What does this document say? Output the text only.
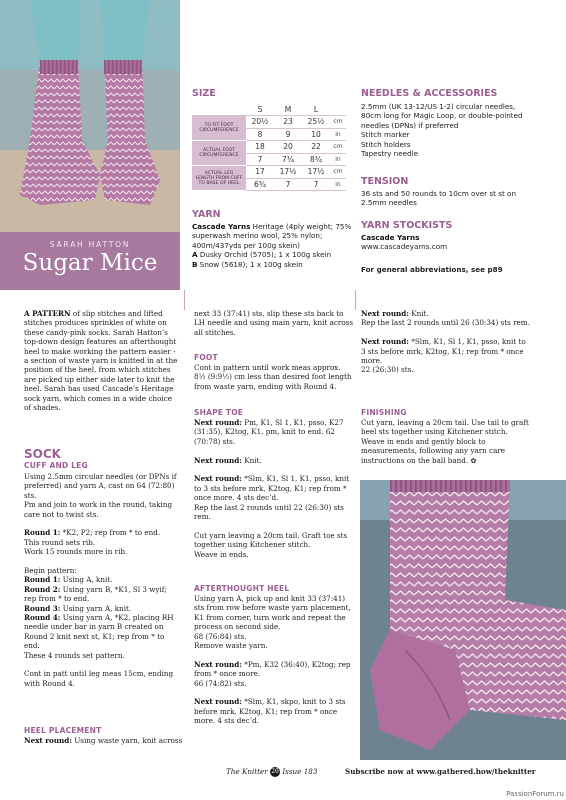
SARAH HATTON
Sugar Mice
SIZE
	S	M	L	
TO FIT FOOT CIRCUMFERENCE	20½	23	25½	cm
	8	9	10	in
ACTUAL FOOT CIRCUMFERENCE	18	20	22	cm
	7	7¾	8¾	in
ACTUAL LEG LENGTH FROM CUFF TO BASE OF HEEL	17	17½	17½	cm
	6¾	7	7	in
YARN
Cascade Yarns Heritage (4ply weight; 75% superwash merino wool, 25% nylon; 400m/437yds per 100g skein)
A Dusky Orchid (5705); 1 x 100g skein
B Snow (5618); 1 x 100g skein
NEEDLES & ACCESSORIES
2.5mm (UK 13-12/US 1-2) circular needles, 80cm long for Magic Loop, or double-pointed needles (DPNs) if preferred
Stitch marker
Stitch holders
Tapestry needle
TENSION
36 sts and 50 rounds to 10cm over st st on 2.5mm needles
YARN STOCKISTS
Cascade Yarns
www.cascadeyarns.com
For general abbreviations, see p89
A PATTERN of slip stitches and lifted stitches produces sprinkles of white on these candy-pink socks. Sarah Hatton’s top-down design features an afterthought heel to make working the pattern easier - a section of waste yarn is knitted in at the position of the heel, from which stitches are picked up either side later to knit the heel. Sarah has used Cascade’s Heritage sock yarn, which comes in a wide choice of shades.
SOCK
CUFF AND LEG
Using 2.5mm circular needles (or DPNs if preferred) and yarn A, cast on 64 (72:80) sts.
Pm and join to work in the round, taking care not to twist sts.
Round 1: *K2, P2; rep from * to end.
This round sets rib.
Work 15 rounds more in rib.
Begin pattern:
Round 1: Using A, knit.
Round 2: Using yarn B, *K1, Sl 3 wyif; rep from * to end.
Round 3: Using yarn A, knit.
Round 4: Using yarn A, *K2, placing RH needle under bar in yarn B created on Round 2 knit next st, K1; rep from * to end.
These 4 rounds set pattern.
Cont in patt until leg meas 15cm, ending with Round 4.
HEEL PLACEMENT
Next round: Using waste yarn, knit across
next 33 (37:41) sts, slip these sts back to LH needle and using main yarn, knit across all stitches.
FOOT
Cont in pattern until work meas approx. 8½ (9:9½) cm less than desired foot length from waste yarn, ending with Round 4.
SHAPE TOE
Next round: Pm, K1, Sl 1, K1, psso, K27 (31:35), K2tog, K1, pm, knit to end. 62 (70:78) sts.
Next round: Knit.
Next round: *Slm, K1, Sl 1, K1, psso, knit to 3 sts before mrk, K2tog, K1; rep from * once more. 4 sts dec’d.
Rep the last 2 rounds until 22 (26:30) sts rem.
Cut yarn leaving a 20cm tail. Graft toe sts together using Kitchener stitch.
Weave in ends.
AFTERTHOUGHT HEEL
Using yarn A, pick up and knit 33 (37:41) sts from row before waste yarn placement, K1 from corner, turn work and repeat the process on second side.
68 (76:84) sts.
Remove waste yarn.
Next round: *Pm, K32 (36:40), K2tog; rep from * once more.
66 (74:82) sts.
Next round: *Slm, K1, skpo, knit to 3 sts before mrk, K2tog, K1; rep from * once more. 4 sts dec’d.
Next round: Knit.
Rep the last 2 rounds until 26 (30:34) sts rem.
Next round: *Slm, K1, Sl 1, K1, psso, knit to 3 sts before mrk, K2tog, K1; rep from * once more.
22 (26:30) sts.
FINISHING
Cut yarn, leaving a 20cm tail. Use tail to graft heel sts together using Kitchener stitch. Weave in ends and gently block to measurements, following any yarn care instructions on the ball band. ✿
The Knitter 26 Issue 183	Subscribe now at www.gathered.how/theknitter
PassionForum.ru
